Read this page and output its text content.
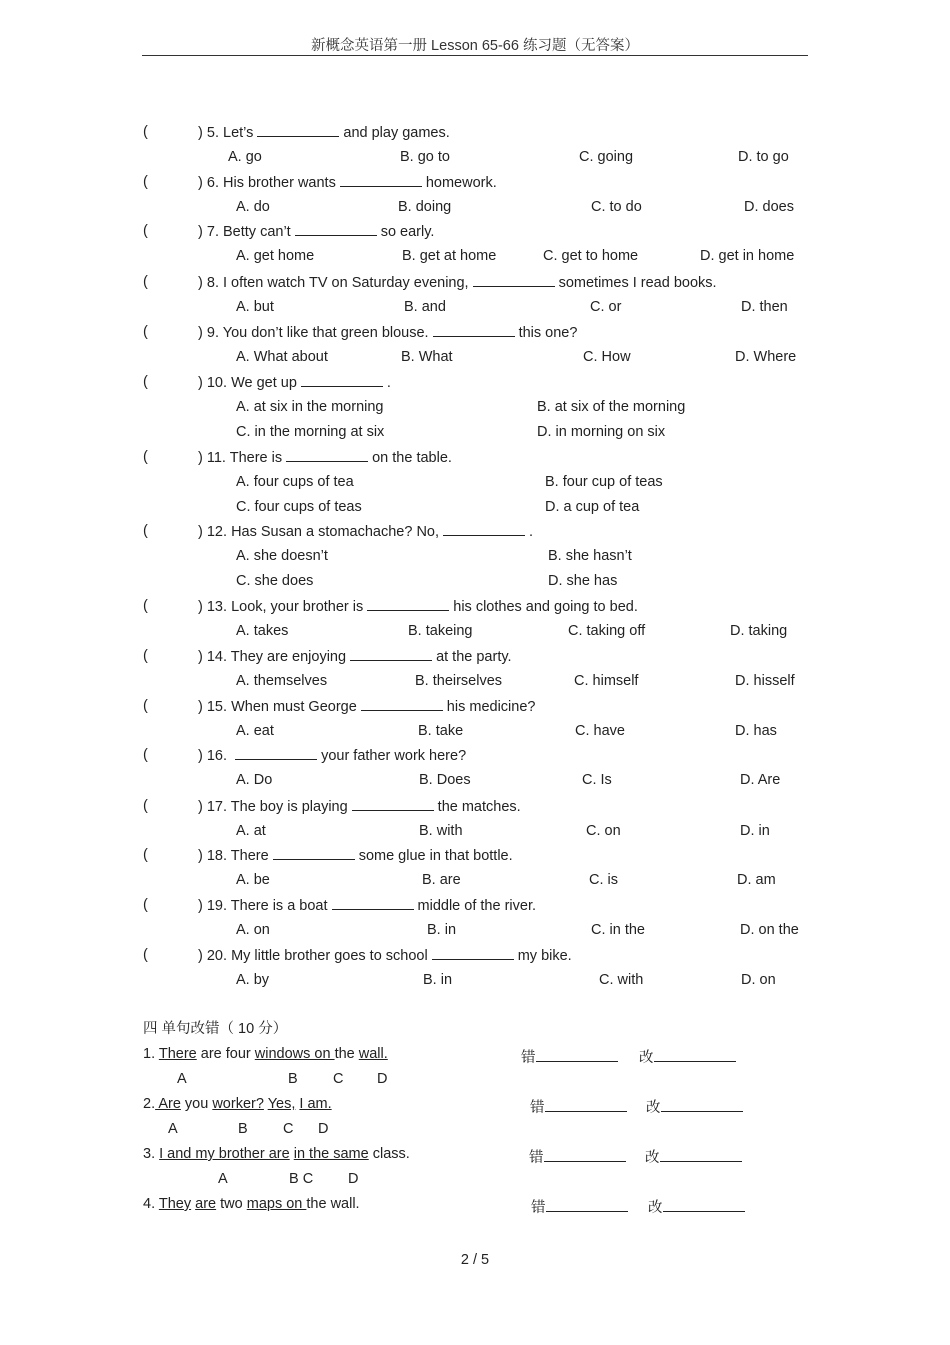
新概念英语第一册 Lesson 65-66 练习题（无答案）
(	) 5. Let’s	and play games.
A. go	B. go to	C. going	D. to go
(	) 6. His brother wants	homework.
A. do	B. doing	C. to do	D. does
(	) 7. Betty can’t	so early.
A. get home	B. get at home	C. get to home	D. get in home
(	) 8. I often watch TV on Saturday evening,	sometimes I read books.
A. but	B. and	C. or	D. then
(	) 9. You don’t like that green blouse.	this one?
A. What about	B. What	C. How	D. Where
(	) 10. We get up	.
A. at six in the morning	B. at six of the morning
C. in the morning at six	D. in morning on six
(	) 11. There is	on the table.
A. four cups of tea	B. four cup of teas
C. four cups of teas	D. a cup of tea
(	) 12. Has Susan a stomachache? No,	.
A. she doesn’t	B. she hasn’t
C. she does	D. she has
(	) 13. Look, your brother is	his clothes and going to bed.
A. takes	B. takeing	C. taking off	D. taking
(	) 14. They are enjoying	at the party.
A. themselves	B. theirselves	C. himself	D. hisself
(	) 15. When must George	his medicine?
A. eat	B. take	C. have	D. has
(	) 16.	your father work here?
A. Do	B. Does	C. Is	D. Are
(	) 17. The boy is playing	the matches.
A. at	B. with	C. on	D. in
(	) 18. There	some glue in that bottle.
A. be	B. are	C. is	D. am
(	) 19. There is a boat	middle of the river.
A. on	B. in	C. in the	D. on the
(	) 20. My little brother goes to school	my bike.
A. by	B. in	C. with	D. on
四 单句改错（ 10 分）
1. There are four windows on the wall.	错	改
A	B C D
2. Are you worker? Yes, I am.	错	改
A	B C D
3. I and my brother are in the same class.	错	改
A	B C D
4. They are two maps on the wall.	错	改
2 / 5
